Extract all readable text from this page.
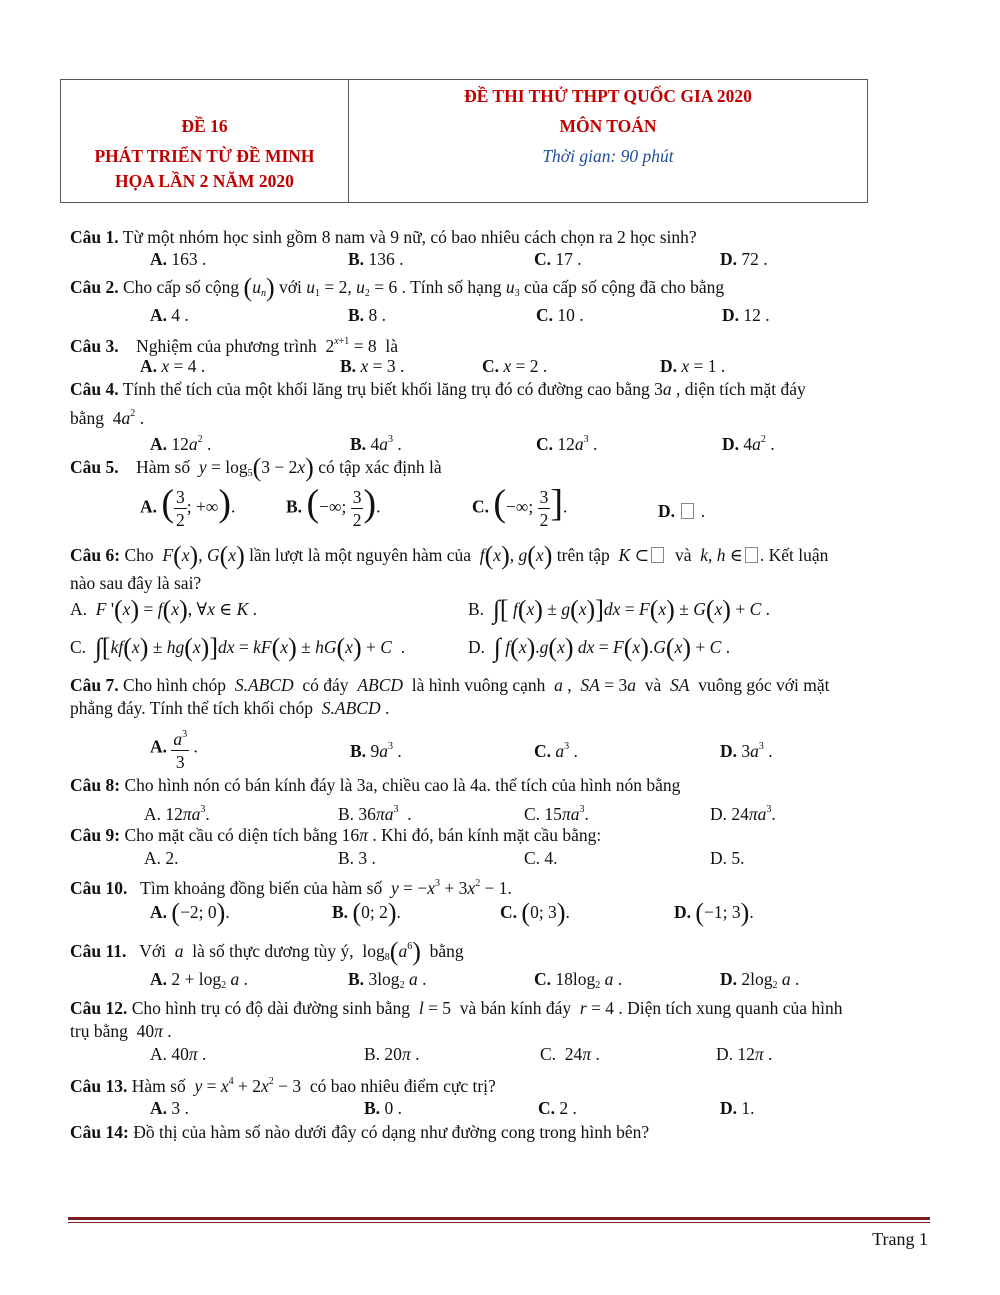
ĐỀ 16
PHÁT TRIỂN TỪ ĐỀ MINH
HỌA LẦN 2 NĂM 2020
ĐỀ THI THỬ THPT QUỐC GIA 2020
MÔN TOÁN
Thời gian: 90 phút
Câu 1. Từ một nhóm học sinh gồm 8 nam và 9 nữ, có bao nhiêu cách chọn ra 2 học sinh?
A. 163 .	B. 136 .	C. 17 .	D. 72 .
Câu 2. Cho cấp số cộng $(u_n)$ với $u_1 = 2$, $u_2 = 6$ . Tính số hạng $u_3$ của cấp số cộng đã cho bằng
A. 4 .	B. 8 .	C. 10 .	D. 12 .
Câu 3.    Nghiệm của phương trình  $2^{x+1} = 8$  là
A. x = 4 .	B. x = 3 .	C. x = 2 .	D. x = 1 .
Câu 4. Tính thể tích của một khối lăng trụ biết khối lăng trụ đó có đường cao bằng 3a , diện tích mặt đáy
bằng  $4a^2$ .
A. $12a^2$ .	B. $4a^3$ .	C. $12a^3$ .	D. $4a^2$ .
Câu 5.    Hàm số  $y = \log_5(3 - 2x)$ có tập xác định là
A. ( $\frac{3}{2}$ ; +∞).	B. (−∞; $\frac{3}{2}$ ).	C. (−∞; $\frac{3}{2}$ ].	D.  .
Câu 6: Cho  F(x), G(x) lần lượt là một nguyên hàm của  f(x), g(x) trên tập  K ⊂  và  k, h ∈ . Kết luận
nào sau đây là sai?
A.  F '(x) = f(x), ∀x ∈ K .	B.  ∫[ f(x) ± g(x)]dx = F(x) ± G(x) + C .
C.  ∫[kf(x) ± hg(x)]dx = kF(x) ± hG(x) + C  .	D.  ∫ f(x).g(x) dx = F(x).G(x) + C .
Câu 7. Cho hình chóp  S.ABCD  có đáy  ABCD  là hình vuông cạnh  a ,  SA = 3a  và  SA  vuông góc với mặt
phẳng đáy. Tính thể tích khối chóp  S.ABCD .
A. $\frac{a^3}{3}$ .	B. $9a^3$ .	C. $a^3$ .	D. $3a^3$ .
Câu 8: Cho hình nón có bán kính đáy là 3a, chiều cao là 4a. thể tích của hình nón bằng
A. $12\pi a^3$.	B. $36\pi a^3$  .	C. $15\pi a^3$.	D. $24\pi a^3$.
Câu 9: Cho mặt cầu có diện tích bằng 16π . Khi đó, bán kính mặt cầu bằng:
A. 2.	B. 3 .	C. 4.	D. 5.
Câu 10.   Tìm khoảng đồng biến của hàm số  $y = -x^3 + 3x^2 - 1$.
A. (−2; 0).	B. (0; 2).	C. (0; 3).	D. (−1; 3).
Câu 11.   Với  a  là số thực dương tùy ý,  $\log_8(a^6)$  bằng
A. $2 + \log_2 a$ .	B. $3\log_2$ a .	C. $18\log_2$ a .	D. $2\log_2$ a .
Câu 12. Cho hình trụ có độ dài đường sinh bằng  l = 5  và bán kính đáy  r = 4 . Diện tích xung quanh của hình
trụ bằng  40π .
A. 40π .	B. 20π .	C.  24π .	D. 12π .
Câu 13. Hàm số  $y = x^4 + 2x^2 - 3$  có bao nhiêu điểm cực trị?
A. 3 .	B. 0 .	C. 2 .	D. 1.
Câu 14: Đồ thị của hàm số nào dưới đây có dạng như đường cong trong hình bên?
Trang 1
